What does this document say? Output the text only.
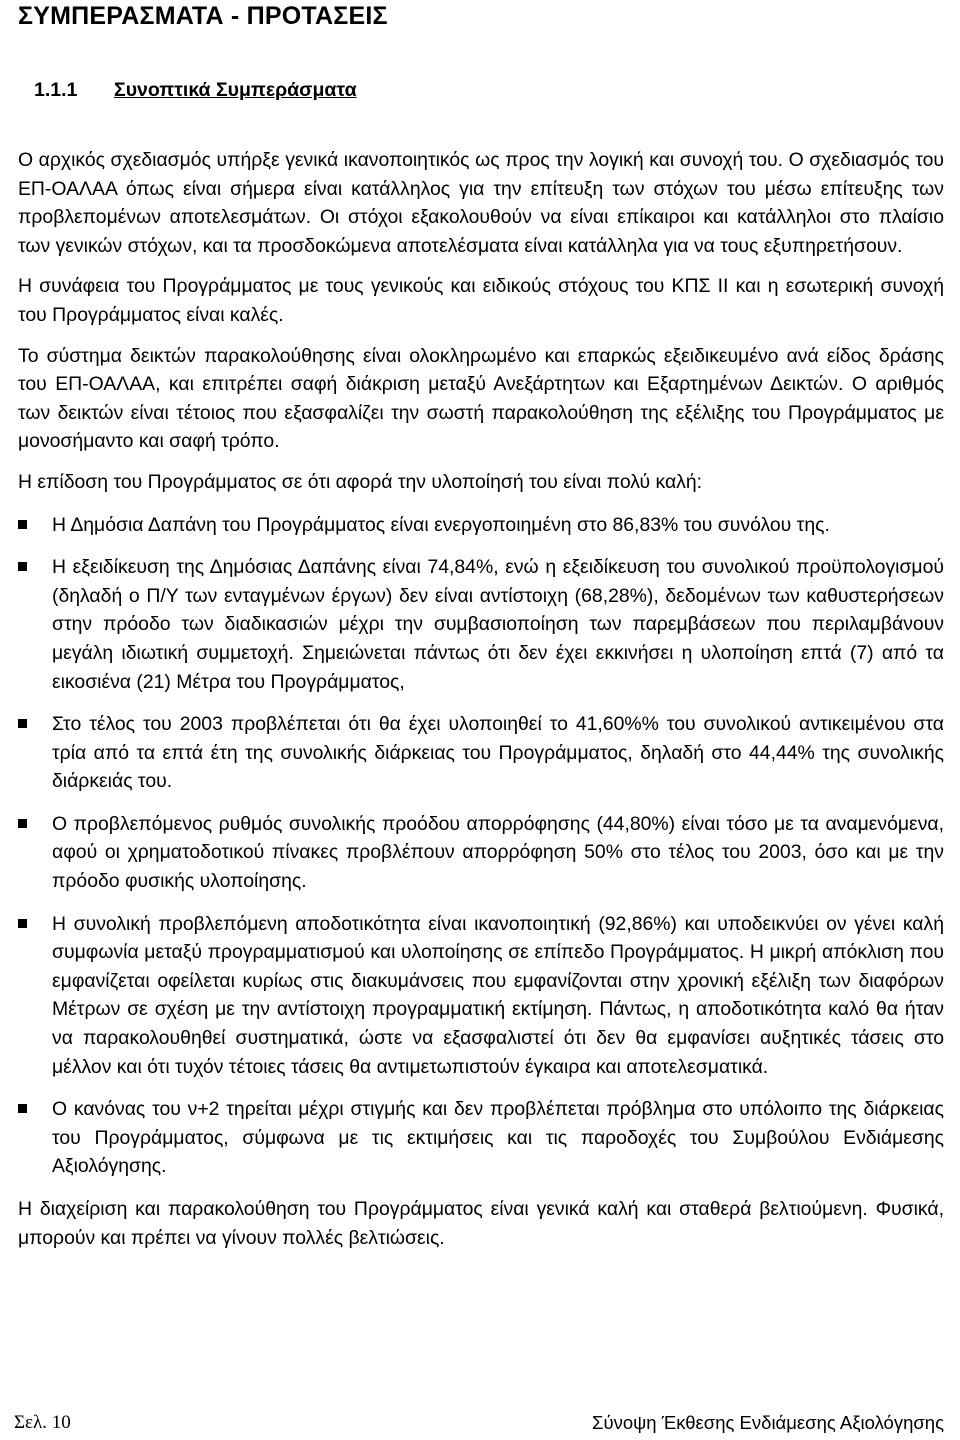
ΣΥΜΠΕΡΑΣΜΑΤΑ - ΠΡΟΤΑΣΕΙΣ
1.1.1	Συνοπτικά Συμπεράσματα

Ο αρχικός σχεδιασμός υπήρξε γενικά ικανοποιητικός ως προς την λογική και συνοχή του. Ο σχεδιασμός του ΕΠ-ΟΑΛΑΑ όπως είναι σήμερα είναι κατάλληλος για την επίτευξη των στόχων του μέσω επίτευξης των προβλεπομένων αποτελεσμάτων. Οι στόχοι εξακολουθούν να είναι επίκαιροι και κατάλληλοι στο πλαίσιο των γενικών στόχων, και τα προσδοκώμενα αποτελέσματα είναι κατάλληλα για να τους εξυπηρετήσουν.

Η συνάφεια του Προγράμματος με τους γενικούς και ειδικούς στόχους του ΚΠΣ ΙΙ και η εσωτερική συνοχή του Προγράμματος είναι καλές.

Το σύστημα δεικτών παρακολούθησης είναι ολοκληρωμένο και επαρκώς εξειδικευμένο ανά είδος δράσης του ΕΠ-ΟΑΛΑΑ, και επιτρέπει σαφή διάκριση μεταξύ Ανεξάρτητων και Εξαρτημένων Δεικτών. Ο αριθμός των δεικτών είναι τέτοιος που εξασφαλίζει την σωστή παρακολούθηση της εξέλιξης του Προγράμματος με μονοσήμαντο και σαφή τρόπο.

Η επίδοση του Προγράμματος σε ότι αφορά την υλοποίησή του είναι πολύ καλή:

Η Δημόσια Δαπάνη του Προγράμματος είναι ενεργοποιημένη στο 86,83% του συνόλου της.
Η εξειδίκευση της Δημόσιας Δαπάνης είναι 74,84%, ενώ η εξειδίκευση του συνολικού προϋπολογισμού (δηλαδή ο Π/Υ των ενταγμένων έργων) δεν είναι αντίστοιχη (68,28%), δεδομένων των καθυστερήσεων στην πρόοδο των διαδικασιών μέχρι την συμβασιοποίηση των παρεμβάσεων που περιλαμβάνουν μεγάλη ιδιωτική συμμετοχή. Σημειώνεται πάντως ότι δεν έχει εκκινήσει η υλοποίηση επτά (7) από τα εικοσιένα (21) Μέτρα του Προγράμματος,
Στο τέλος του 2003 προβλέπεται ότι θα έχει υλοποιηθεί το 41,60%% του συνολικού αντικειμένου στα τρία από τα επτά έτη της συνολικής διάρκειας του Προγράμματος, δηλαδή στο 44,44% της συνολικής διάρκειάς του.
Ο προβλεπόμενος ρυθμός συνολικής προόδου απορρόφησης (44,80%) είναι τόσο με τα αναμενόμενα, αφού οι χρηματοδοτικού πίνακες προβλέπουν απορρόφηση 50% στο τέλος του 2003, όσο και με την πρόοδο φυσικής υλοποίησης.
Η συνολική προβλεπόμενη αποδοτικότητα είναι ικανοποιητική (92,86%) και υποδεικνύει ον γένει καλή συμφωνία μεταξύ προγραμματισμού και υλοποίησης σε επίπεδο Προγράμματος. Η μικρή απόκλιση που εμφανίζεται οφείλεται κυρίως στις διακυμάνσεις που εμφανίζονται στην χρονική εξέλιξη των διαφόρων Μέτρων σε σχέση με την αντίστοιχη προγραμματική εκτίμηση. Πάντως, η αποδοτικότητα καλό θα ήταν να παρακολουθηθεί συστηματικά, ώστε να εξασφαλιστεί ότι δεν θα εμφανίσει αυξητικές τάσεις στο μέλλον και ότι τυχόν τέτοιες τάσεις θα αντιμετωπιστούν έγκαιρα και αποτελεσματικά.
Ο κανόνας του ν+2 τηρείται μέχρι στιγμής και δεν προβλέπεται πρόβλημα στο υπόλοιπο της διάρκειας του Προγράμματος, σύμφωνα με τις εκτιμήσεις και τις παροδοχές του Συμβούλου Ενδιάμεσης Αξιολόγησης.

Η διαχείριση και παρακολούθηση του Προγράμματος είναι γενικά καλή και σταθερά βελτιούμενη. Φυσικά, μπορούν και πρέπει να γίνουν πολλές βελτιώσεις.

Σελ. 10	Σύνοψη Έκθεσης Ενδιάμεσης Αξιολόγησης
